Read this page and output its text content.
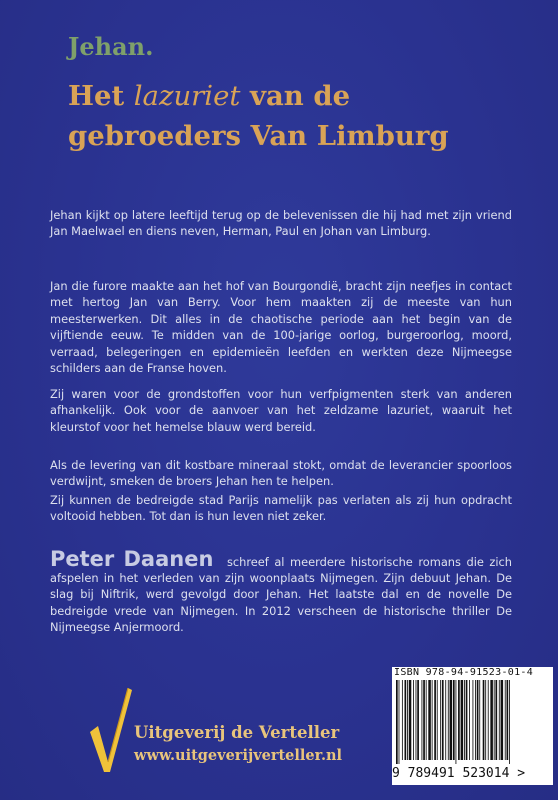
Jehan.

Het lazuriet van de
gebroeders Van Limburg

Jehan kijkt op latere leeftijd terug op de belevenissen die hij had met zijn vriend Jan Maelwael en diens neven, Herman, Paul en Johan van Limburg.

Jan die furore maakte aan het hof van Bourgondië, bracht zijn neefjes in contact met hertog Jan van Berry. Voor hem maakten zij de meeste van hun meesterwerken. Dit alles in de chaotische periode aan het begin van de vijftiende eeuw. Te midden van de 100-jarige oorlog, burgeroorlog, moord, verraad, belegeringen en epidemieën leefden en werkten deze Nijmeegse schilders aan de Franse hoven.

Zij waren voor de grondstoffen voor hun verfpigmenten sterk van anderen afhankelijk. Ook voor de aanvoer van het zeldzame lazuriet, waaruit het kleurstof voor het hemelse blauw werd bereid.

Als de levering van dit kostbare mineraal stokt, omdat de leverancier spoorloos verdwijnt, smeken de broers Jehan hen te helpen.

Zij kunnen de bedreigde stad Parijs namelijk pas verlaten als zij hun opdracht voltooid hebben. Tot dan is hun leven niet zeker.

Peter Daanen schreef al meerdere historische romans die zich afspelen in het verleden van zijn woonplaats Nijmegen. Zijn debuut Jehan. De slag bij Niftrik, werd gevolgd door Jehan. Het laatste dal en de novelle De bedreigde vrede van Nijmegen. In 2012 verscheen de historische thriller De Nijmeegse Anjermoord.

ISBN 978-94-91523-01-4
9 789491 523014 >

Uitgeverij de Verteller

www.uitgeverijverteller.nl
